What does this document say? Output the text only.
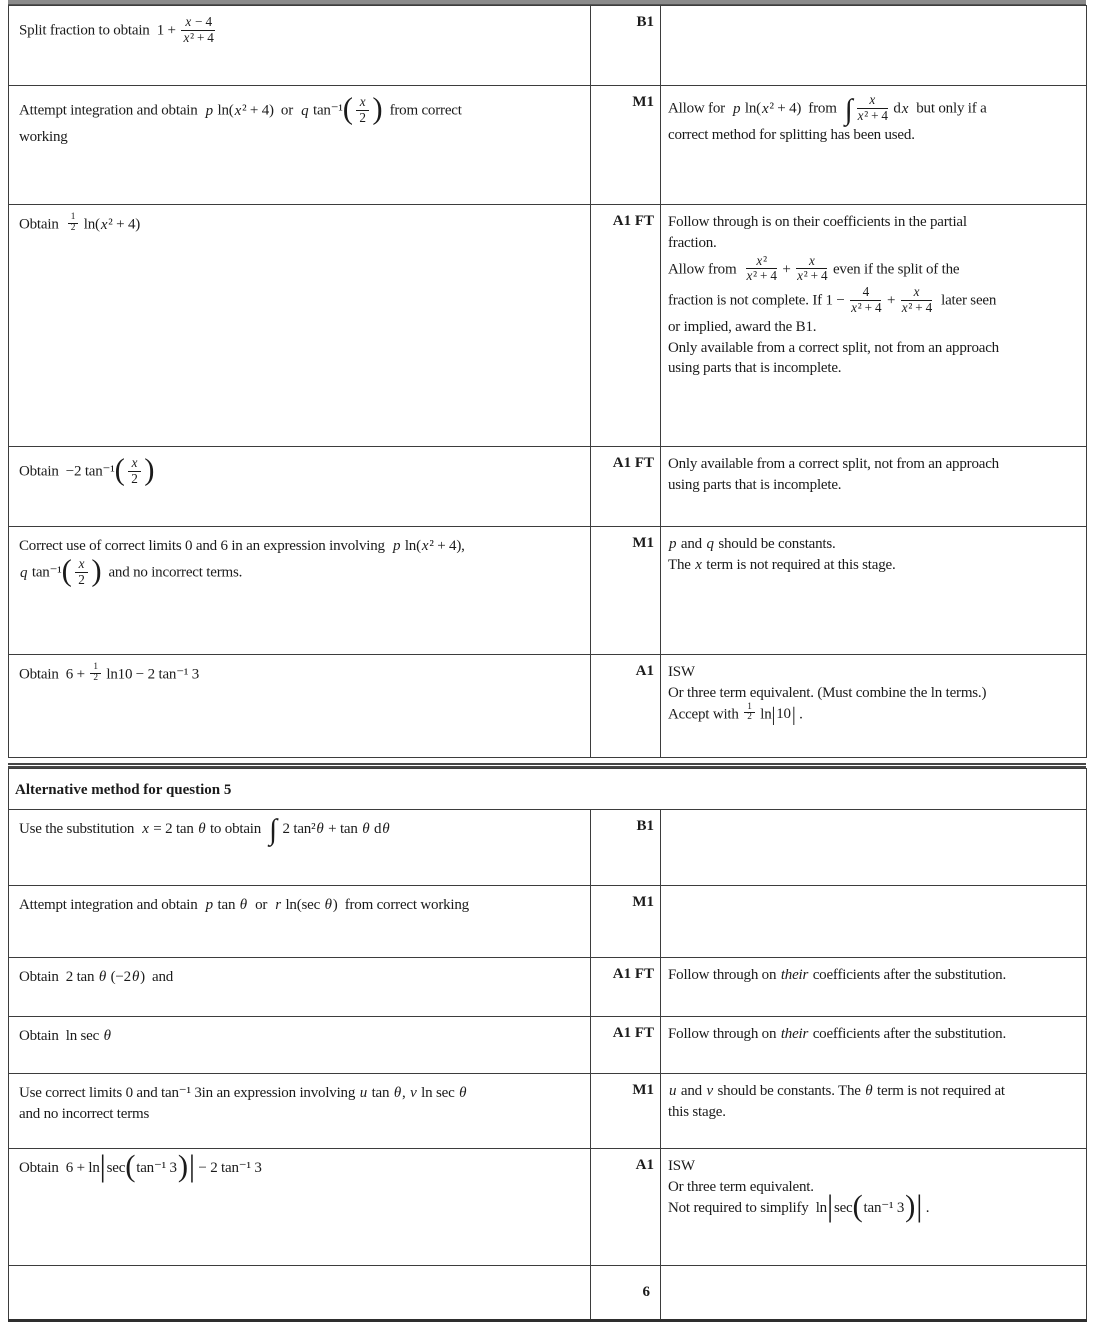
Split fraction to obtain  $1 + \frac{x - 4}{\text{x² + 4}}$	B1	

Attempt integration and obtain  p ln(x² + 4)  or  q $\tan^{-1}( \frac{x}{2}$ )  from correct
working
	M1	Allow for  p ln(x² + 4)  from  ∫ $\frac{x}{\text{x² + 4}}$ dx  but only if a
correct method for splitting has been used.

Obtain $\frac{1}{2} \ln(x^2 + 4)$	A1 FT	Follow through is on their coefficients in the partial
fraction.
Allow from $\frac{\text{x²}}{\text{x² + 4}} + \frac{x}{\text{x² + 4}}$ even if the split of the
fraction is not complete. If $1 - \frac{4}{\text{x² + 4}} + \frac{x}{\text{x² + 4}}$ later seen
or implied, award the B1.
Only available from a correct split, not from an approach
using parts that is incomplete.

Obtain  −2 $\tan^{-1}( \frac{x}{2}$ )	A1 FT	Only available from a correct split, not from an approach
using parts that is incomplete.

Correct use of correct limits 0 and 6 in an expression involving  p ln(x² + 4),
q $\tan^{-1}( \frac{x}{2}$ )  and no incorrect terms.
	M1	p and q should be constants.
The x term is not required at this stage.

Obtain  $6 + \frac{1}{2} \ln 10 - 2$ tan⁻¹ 3	A1	ISW
Or three term equivalent. (Must combine the ln terms.)
Accept with $\frac{1}{2} \ln|10|$ .
Alternative method for question 5		

Use the substitution  x = 2 tan θ to obtain  ∫ 2 tan²θ + tan θ dθ	B1	

Attempt integration and obtain  p tan θ  or  r ln(sec θ)  from correct working	M1	

Obtain  2 tan θ (−2θ)  and	A1 FT	Follow through on their coefficients after the substitution.

Obtain  ln sec θ	A1 FT	Follow through on their coefficients after the substitution.

Use correct limits 0 and tan⁻¹ 3in an expression involving u tan θ, v ln sec θ
and no incorrect terms
	M1	u and v should be constants. The θ term is not required at
this stage.

Obtain  6 + ln|sec(tan⁻¹ 3)| − 2 tan⁻¹ 3	A1	ISW
Or three term equivalent.
Not required to simplify  ln|sec(tan⁻¹ 3)| .

	6	
